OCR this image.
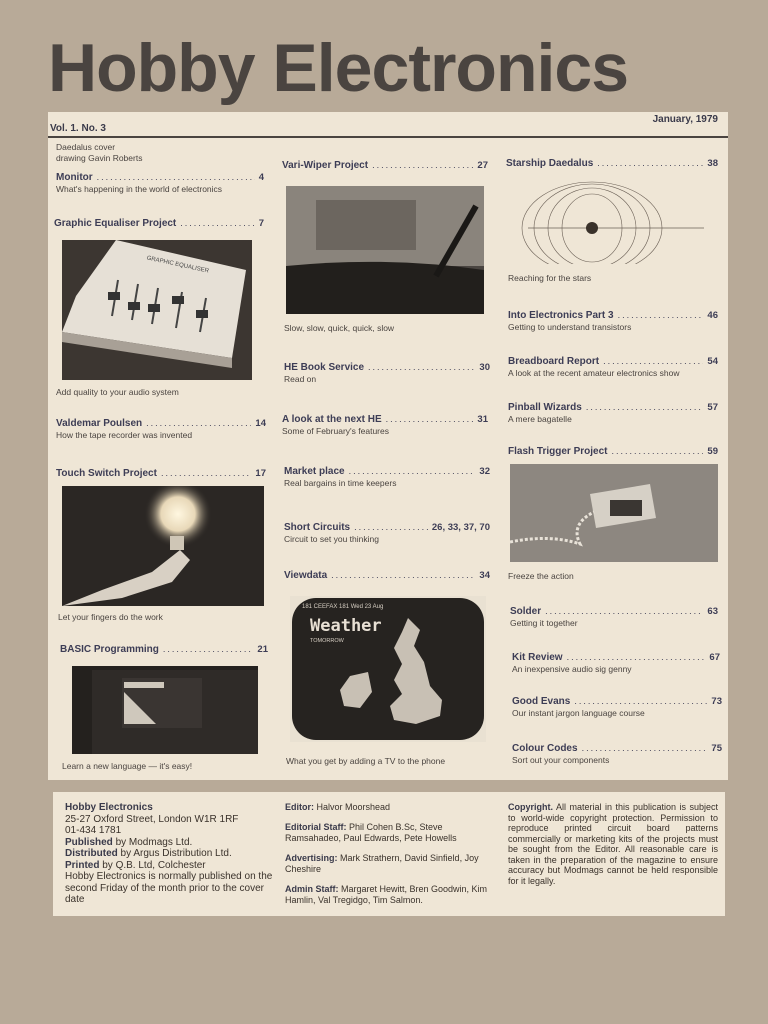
Hobby Electronics
Vol. 1. No. 3
January, 1979
Daedalus cover
drawing Gavin Roberts
Monitor .....	4
What's happening in the world of electronics
Graphic Equaliser Project .....	7
GRAPHIC EQUALISER
Add quality to your audio system
Valdemar Poulsen .....	14
How the tape recorder was invented
Touch Switch Project .....	17
Let your fingers do the work
BASIC Programming .....	21
Learn a new language — it's easy!
Vari-Wiper Project .....	27
Slow, slow, quick, quick, slow
HE Book Service .....	30
Read on
A look at the next HE .....	31
Some of February's features
Market place .....	32
Real bargains in time keepers
Short Circuits .....	26, 33, 37, 70
Circuit to set you thinking
Viewdata .....	34
181 CEEFAX 181 Wed 23 Aug
Weather
TOMORROW
What you get by adding a TV to the phone
Starship Daedalus .....	38
Reaching for the stars
Into Electronics Part 3 .....	46
Getting to understand transistors
Breadboard Report .....	54
A look at the recent amateur electronics show
Pinball Wizards .....	57
A mere bagatelle
Flash Trigger Project .....	59
Freeze the action
Solder .....	63
Getting it together
Kit Review .....	67
An inexpensive audio sig genny
Good Evans .....	73
Our instant jargon language course
Colour Codes .....	75
Sort out your components
Hobby Electronics
25-27 Oxford Street, London W1R 1RF
01-434 1781
Published by Modmags Ltd.
Distributed by Argus Distribution Ltd.
Printed by Q.B. Ltd, Colchester
Hobby Electronics is normally published on the second Friday of the month prior to the cover date
Editor: Halvor Moorshead
Editorial Staff: Phil Cohen B.Sc, Steve Ramsahadeo, Paul Edwards, Pete Howells
Advertising: Mark Strathern, David Sinfield, Joy Cheshire
Admin Staff: Margaret Hewitt, Bren Goodwin, Kim Hamlin, Val Tregidgo, Tim Salmon.
Copyright. All material in this publication is subject to world-wide copyright protection. Permission to reproduce printed circuit board patterns commercially or marketing kits of the projects must be sought from the Editor. All reasonable care is taken in the preparation of the magazine to ensure accuracy but Modmags cannot be held responsible for it legally.
